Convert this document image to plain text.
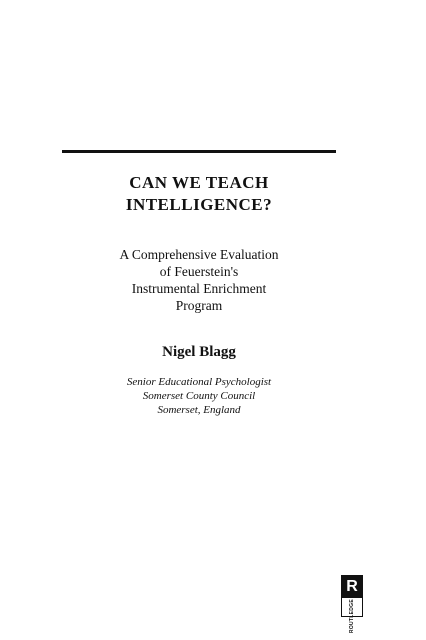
CAN WE TEACH
INTELLIGENCE?
A Comprehensive Evaluation
of Feuerstein's
Instrumental Enrichment
Program
Nigel Blagg
Senior Educational Psychologist
Somerset County Council
Somerset, England
R
ROUTLEDGE
